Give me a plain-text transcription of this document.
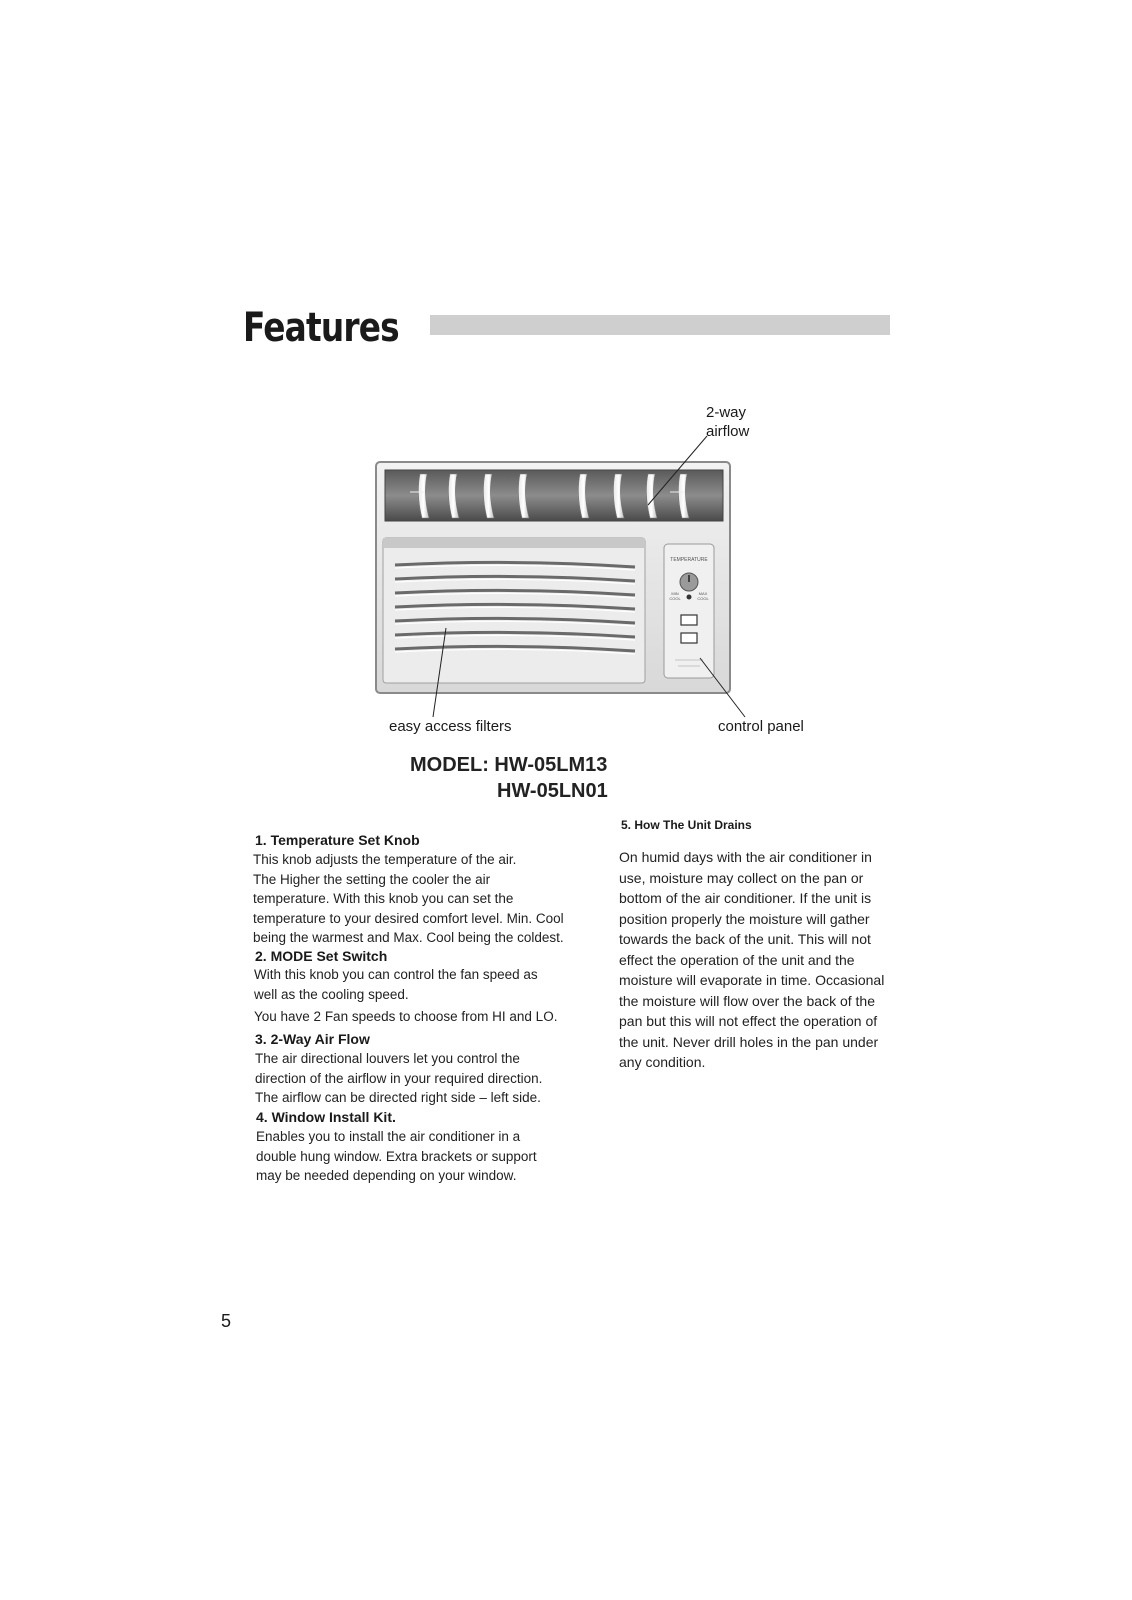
Features
TEMPERATURE
MIN	MAX
COOL	COOL
2-way
airflow
easy access filters	control panel
MODEL: HW-05LM13
HW-05LN01
1. Temperature Set Knob
This knob adjusts the temperature of the air.
The Higher the setting the cooler the air
temperature. With this knob you can set the
temperature to your desired comfort level. Min. Cool
being the warmest and Max. Cool being the coldest.
2. MODE Set Switch
With this knob you can control the fan speed as
well as the cooling speed.
You have 2 Fan speeds to choose from HI and LO.
3. 2-Way Air Flow
The air directional louvers let you control the
direction of the airflow in your required direction.
The airflow can be directed right side – left side.
4. Window Install Kit.
Enables you to install the air conditioner in a
double hung window. Extra brackets or support
may be needed depending on your window.
5. How The Unit Drains
On humid days with the air conditioner in
use, moisture may collect on the pan or
bottom of the air conditioner. If the unit is
position properly the moisture will gather
towards the back of the unit. This will not
effect the operation of the unit and the
moisture will evaporate in time. Occasional
the moisture will flow over the back of the
pan but this will not effect the operation of
the unit. Never drill holes in the pan under
any condition.
5
